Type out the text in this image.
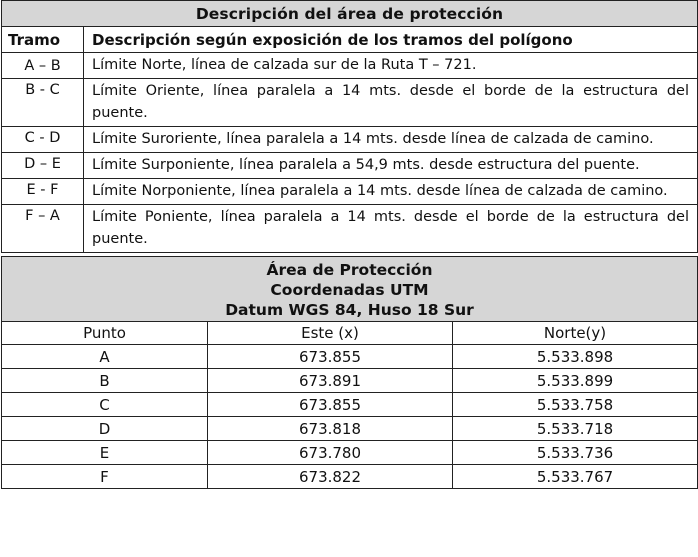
Descripción del área de protección	
Tramo	Descripción según exposición de los tramos del polígono
A – B	Límite Norte, línea de calzada sur de la Ruta T – 721.
B - C	Límite Oriente, línea paralela a 14 mts. desde el borde de la estructura del puente.
C - D	Límite Suroriente, línea paralela a 14 mts. desde línea de calzada de camino.
D – E	Límite Surponiente, línea paralela a 54,9 mts. desde estructura del puente.
E - F	Límite Norponiente, línea paralela a 14 mts. desde línea de calzada de camino.
F – A	Límite Poniente, línea paralela a 14 mts. desde el borde de la estructura del puente.
Área de Protección
Coordenadas UTM
Datum WGS 84, Huso 18 Sur		

Punto	Este (x)	Norte(y)
A	673.855	5.533.898
B	673.891	5.533.899
C	673.855	5.533.758
D	673.818	5.533.718
E	673.780	5.533.736
F	673.822	5.533.767
